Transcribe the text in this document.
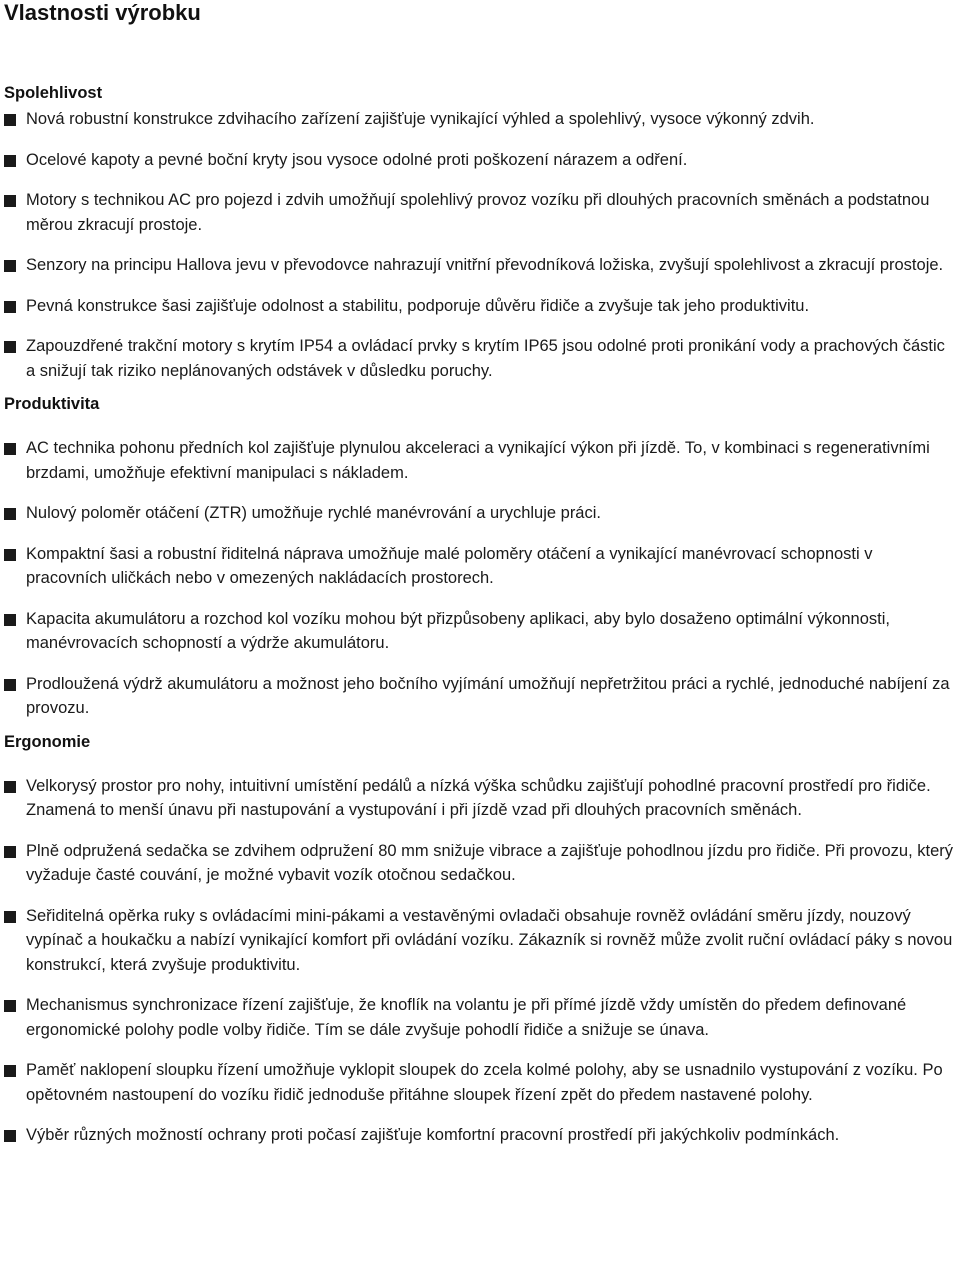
Vlastnosti výrobku
Spolehlivost
Nová robustní konstrukce zdvihacího zařízení zajišťuje vynikající výhled a spolehlivý, vysoce výkonný zdvih.
Ocelové kapoty a pevné boční kryty jsou vysoce odolné proti poškození nárazem a odření.
Motory s technikou AC pro pojezd i zdvih umožňují spolehlivý provoz vozíku při dlouhých pracovních směnách a podstatnou měrou zkracují prostoje.
Senzory na principu Hallova jevu v převodovce nahrazují vnitřní převodníková ložiska, zvyšují spolehlivost a zkracují prostoje.
Pevná konstrukce šasi zajišťuje odolnost a stabilitu, podporuje důvěru řidiče a zvyšuje tak jeho produktivitu.
Zapouzdřené trakční motory s krytím IP54 a ovládací prvky s krytím IP65 jsou odolné proti pronikání vody a prachových částic a snižují tak riziko neplánovaných odstávek v důsledku poruchy.
Produktivita
AC technika pohonu předních kol zajišťuje plynulou akceleraci a vynikající výkon při jízdě. To, v kombinaci s regenerativními brzdami, umožňuje efektivní manipulaci s nákladem.
Nulový poloměr otáčení (ZTR) umožňuje rychlé manévrování a urychluje práci.
Kompaktní šasi a robustní řiditelná náprava umožňuje malé poloměry otáčení a vynikající manévrovací schopnosti v pracovních uličkách nebo v omezených nakládacích prostorech.
Kapacita akumulátoru a rozchod kol vozíku mohou být přizpůsobeny aplikaci, aby bylo dosaženo optimální výkonnosti, manévrovacích schopností a výdrže akumulátoru.
Prodloužená výdrž akumulátoru a možnost jeho bočního vyjímání umožňují nepřetržitou práci a rychlé, jednoduché nabíjení za provozu.
Ergonomie
Velkorysý prostor pro nohy, intuitivní umístění pedálů a nízká výška schůdku zajišťují pohodlné pracovní prostředí pro řidiče. Znamená to menší únavu při nastupování a vystupování i při jízdě vzad při dlouhých pracovních směnách.
Plně odpružená sedačka se zdvihem odpružení 80 mm snižuje vibrace a zajišťuje pohodlnou jízdu pro řidiče. Při provozu, který vyžaduje časté couvání, je možné vybavit vozík otočnou sedačkou.
Seřiditelná opěrka ruky s ovládacími mini-pákami a vestavěnými ovladači obsahuje rovněž ovládání směru jízdy, nouzový vypínač a houkačku a nabízí vynikající komfort při ovládání vozíku. Zákazník si rovněž může zvolit ruční ovládací páky s novou konstrukcí, která zvyšuje produktivitu.
Mechanismus synchronizace řízení zajišťuje, že knoflík na volantu je při přímé jízdě vždy umístěn do předem definované ergonomické polohy podle volby řidiče. Tím se dále zvyšuje pohodlí řidiče a snižuje se únava.
Paměť naklopení sloupku řízení umožňuje vyklopit sloupek do zcela kolmé polohy, aby se usnadnilo vystupování z vozíku. Po opětovném nastoupení do vozíku řidič jednoduše přitáhne sloupek řízení zpět do předem nastavené polohy.
Výběr různých možností ochrany proti počasí zajišťuje komfortní pracovní prostředí při jakýchkoliv podmínkách.
